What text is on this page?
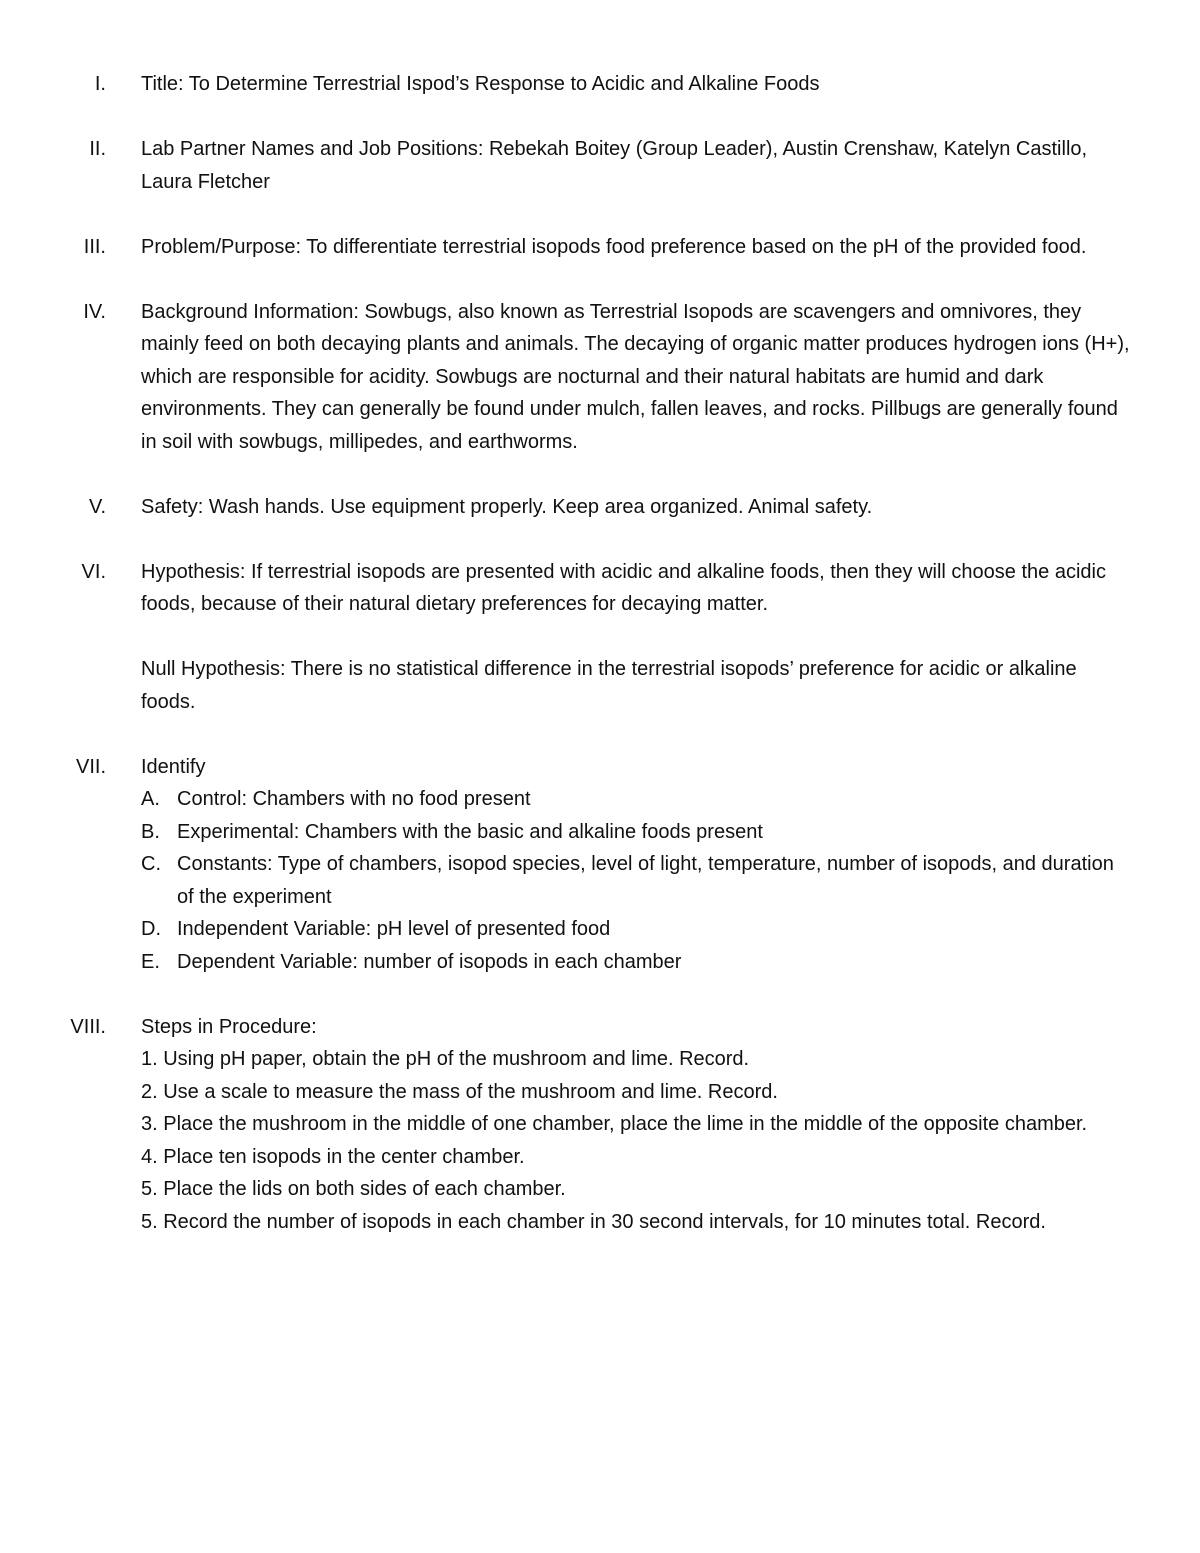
I. Title: To Determine Terrestrial Ispod’s Response to Acidic and Alkaline Foods
II. Lab Partner Names and Job Positions: Rebekah Boitey (Group Leader), Austin Crenshaw, Katelyn Castillo, Laura Fletcher
III. Problem/Purpose: To differentiate terrestrial isopods food preference based on the pH of the provided food.
IV. Background Information: Sowbugs, also known as Terrestrial Isopods are scavengers and omnivores, they mainly feed on both decaying plants and animals. The decaying of organic matter produces hydrogen ions (H+), which are responsible for acidity. Sowbugs are nocturnal and their natural habitats are humid and dark environments. They can generally be found under mulch, fallen leaves, and rocks. Pillbugs are generally found in soil with sowbugs, millipedes, and earthworms.
V. Safety: Wash hands. Use equipment properly. Keep area organized. Animal safety.
VI. Hypothesis: If terrestrial isopods are presented with acidic and alkaline foods, then they will choose the acidic foods, because of their natural dietary preferences for decaying matter.
Null Hypothesis: There is no statistical difference in the terrestrial isopods’ preference for acidic or alkaline foods.
VII. Identify
A. Control: Chambers with no food present
B. Experimental: Chambers with the basic and alkaline foods present
C. Constants: Type of chambers, isopod species, level of light, temperature, number of isopods, and duration of the experiment
D. Independent Variable: pH level of presented food
E. Dependent Variable: number of isopods in each chamber
VIII. Steps in Procedure:
1. Using pH paper, obtain the pH of the mushroom and lime. Record.
2. Use a scale to measure the mass of the mushroom and lime. Record.
3. Place the mushroom in the middle of one chamber, place the lime in the middle of the opposite chamber.
4. Place ten isopods in the center chamber.
5. Place the lids on both sides of each chamber.
5. Record the number of isopods in each chamber in 30 second intervals, for 10 minutes total. Record.
